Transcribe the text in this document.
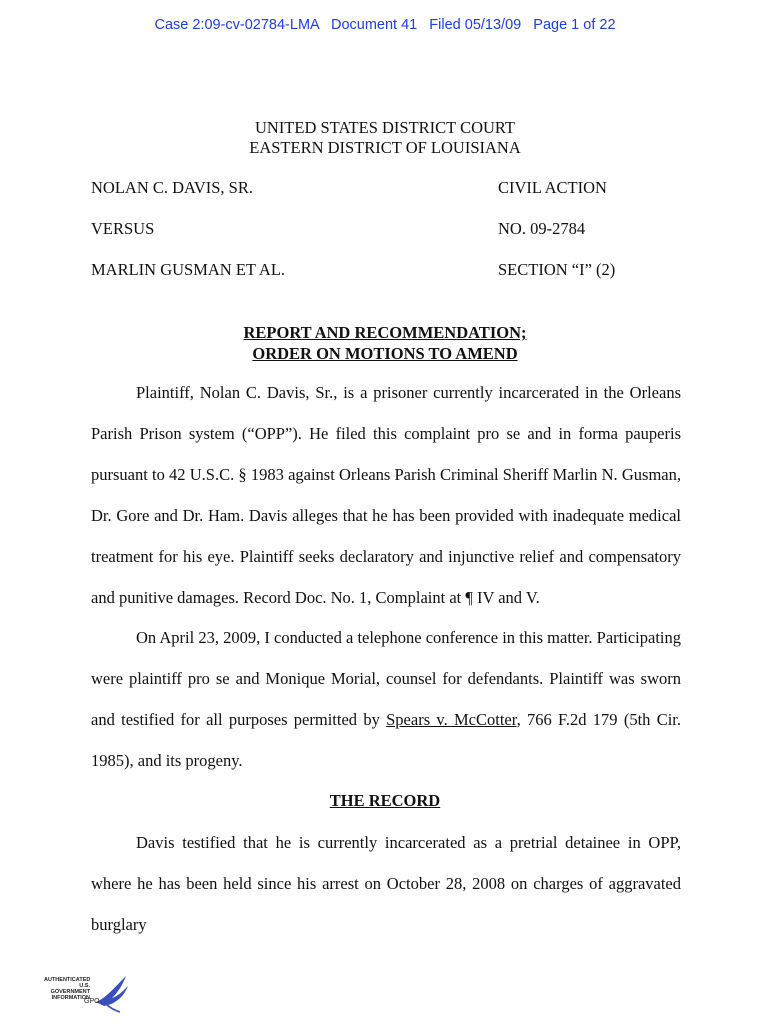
Case 2:09-cv-02784-LMA   Document 41   Filed 05/13/09   Page 1 of 22
UNITED STATES DISTRICT COURT
EASTERN DISTRICT OF LOUISIANA
NOLAN C. DAVIS, SR.	CIVIL ACTION
VERSUS	NO. 09-2784
MARLIN GUSMAN ET AL.	SECTION “I” (2)
REPORT AND RECOMMENDATION;
ORDER ON MOTIONS TO AMEND

Plaintiff, Nolan C. Davis, Sr., is a prisoner currently incarcerated in the Orleans Parish Prison system (“OPP”). He filed this complaint pro se and in forma pauperis pursuant to 42 U.S.C. § 1983 against Orleans Parish Criminal Sheriff Marlin N. Gusman, Dr. Gore and Dr. Ham. Davis alleges that he has been provided with inadequate medical treatment for his eye. Plaintiff seeks declaratory and injunctive relief and compensatory and punitive damages. Record Doc. No. 1, Complaint at ¶ IV and V.

On April 23, 2009, I conducted a telephone conference in this matter. Participating were plaintiff pro se and Monique Morial, counsel for defendants. Plaintiff was sworn and testified for all purposes permitted by Spears v. McCotter, 766 F.2d 179 (5th Cir. 1985), and its progeny.

THE RECORD

Davis testified that he is currently incarcerated as a pretrial detainee in OPP, where he has been held since his arrest on October 28, 2008 on charges of aggravated burglary

AUTHENTICATED
U.S. GOVERNMENT
INFORMATION
GPO
